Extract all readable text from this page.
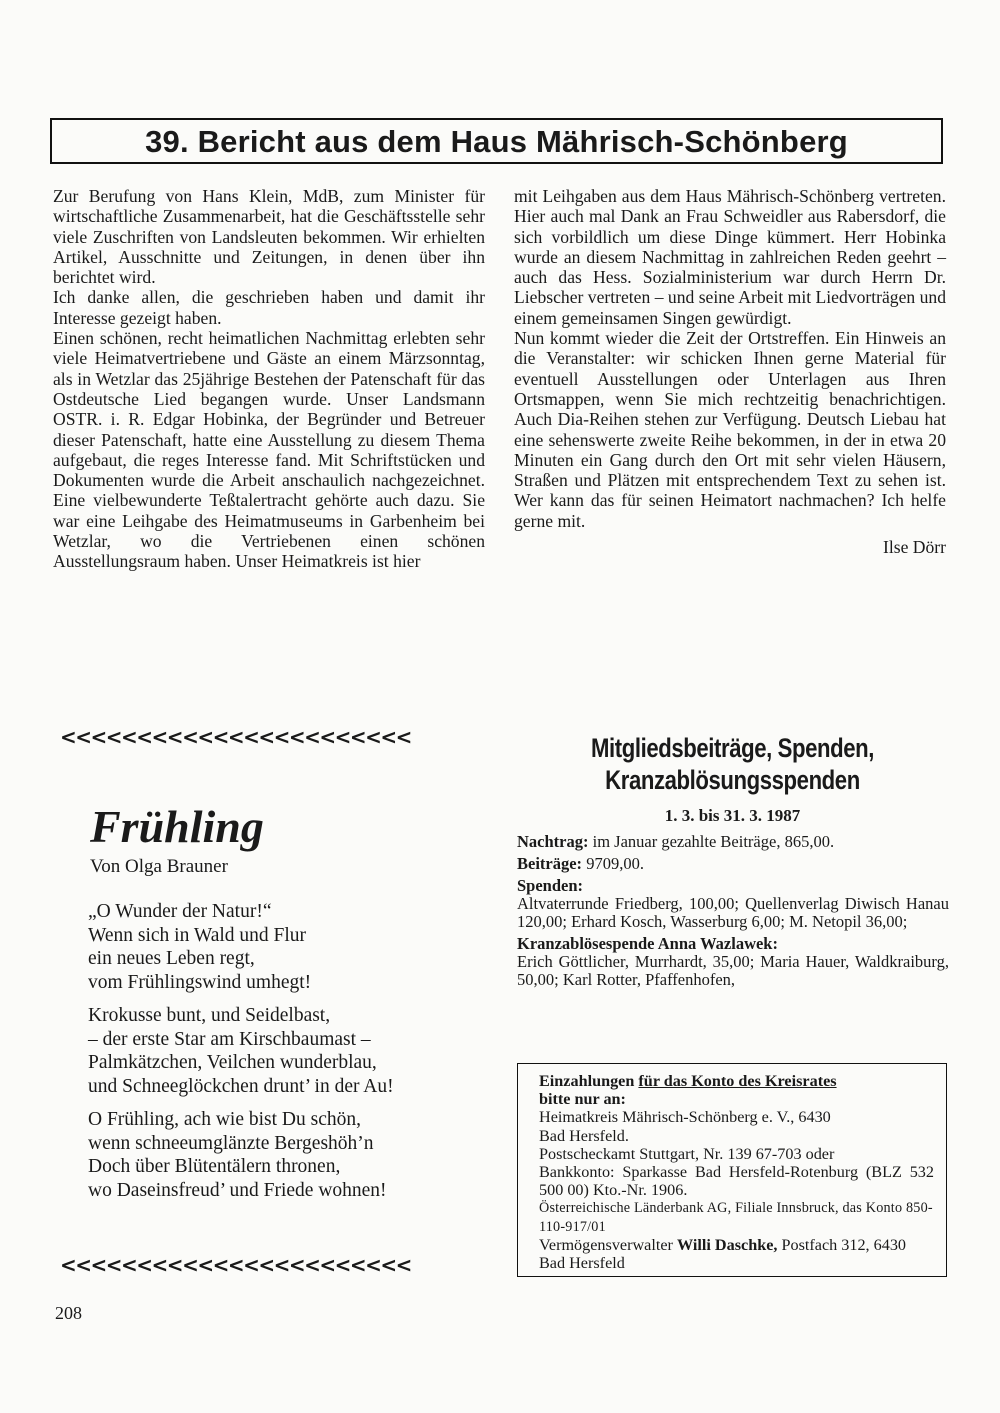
39. Bericht aus dem Haus Mährisch-Schönberg

Zur Berufung von Hans Klein, MdB, zum Minister für wirtschaftliche Zusammenarbeit, hat die Geschäftsstelle sehr viele Zuschriften von Landsleuten bekommen. Wir erhielten Artikel, Ausschnitte und Zeitungen, in denen über ihn berichtet wird.

Ich danke allen, die geschrieben haben und damit ihr Interesse gezeigt haben.

Einen schönen, recht heimatlichen Nachmittag erlebten sehr viele Heimatvertriebene und Gäste an einem Märzsonntag, als in Wetzlar das 25jährige Bestehen der Patenschaft für das Ostdeutsche Lied begangen wurde. Unser Landsmann OSTR. i. R. Edgar Hobinka, der Begründer und Betreuer dieser Patenschaft, hatte eine Ausstellung zu diesem Thema aufgebaut, die reges Interesse fand. Mit Schriftstücken und Dokumenten wurde die Arbeit anschaulich nachgezeichnet. Eine vielbewunderte Teßtalertracht gehörte auch dazu. Sie war eine Leihgabe des Heimatmuseums in Garbenheim bei Wetzlar, wo die Vertriebenen einen schönen Ausstellungsraum haben. Unser Heimatkreis ist hier

mit Leihgaben aus dem Haus Mährisch-Schönberg vertreten. Hier auch mal Dank an Frau Schweidler aus Rabersdorf, die sich vorbildlich um diese Dinge kümmert. Herr Hobinka wurde an diesem Nachmittag in zahlreichen Reden geehrt – auch das Hess. Sozialministerium war durch Herrn Dr. Liebscher vertreten – und seine Arbeit mit Liedvorträgen und einem gemeinsamen Singen gewürdigt.

Nun kommt wieder die Zeit der Ortstreffen. Ein Hinweis an die Veranstalter: wir schicken Ihnen gerne Material für eventuell Ausstellungen oder Unterlagen aus Ihren Ortsmappen, wenn Sie mich rechtzeitig benachrichtigen. Auch Dia-Reihen stehen zur Verfügung. Deutsch Liebau hat eine sehenswerte zweite Reihe bekommen, in der in etwa 20 Minuten ein Gang durch den Ort mit sehr vielen Häusern, Straßen und Plätzen mit entsprechendem Text zu sehen ist. Wer kann das für seinen Heimatort nachmachen? Ich helfe gerne mit.

Ilse Dörr

<<<<<<<<<<<<<<<<<<<<<<<
Frühling
Von Olga Brauner
„O Wunder der Natur!“
Wenn sich in Wald und Flur
ein neues Leben regt,
vom Frühlingswind umhegt!
Krokusse bunt, und Seidelbast,
– der erste Star am Kirschbaumast –
Palmkätzchen, Veilchen wunderblau,
und Schneeglöckchen drunt’ in der Au!
O Frühling, ach wie bist Du schön,
wenn schneeumglänzte Bergeshöh’n
Doch über Blütentälern thronen,
wo Daseinsfreud’ und Friede wohnen!
<<<<<<<<<<<<<<<<<<<<<<<
Mitgliedsbeiträge, Spenden,
Kranzablösungsspenden
1. 3. bis 31. 3. 1987

Nachtrag: im Januar gezahlte Beiträge, 865,00.

Beiträge: 9709,00.

Spenden:

Altvaterrunde Friedberg, 100,00; Quellenverlag Diwisch Hanau 120,00; Erhard Kosch, Wasserburg 6,00; M. Netopil 36,00;

Kranzablösespende Anna Wazlawek:

Erich Göttlicher, Murrhardt, 35,00; Maria Hauer, Waldkraiburg, 50,00; Karl Rotter, Pfaffenhofen,

Einzahlungen für das Konto des Kreisrates
bitte nur an:
Heimatkreis Mährisch-Schönberg e. V., 6430
Bad Hersfeld.
Postscheckamt Stuttgart, Nr. 139 67-703 oder
Bankkonto: Sparkasse Bad Hersfeld-Rotenburg (BLZ 532 500 00) Kto.-Nr. 1906.
Österreichische Länderbank AG, Filiale Innsbruck, das Konto 850-110-917/01
Vermögensverwalter Willi Daschke, Postfach 312, 6430 Bad Hersfeld
208
